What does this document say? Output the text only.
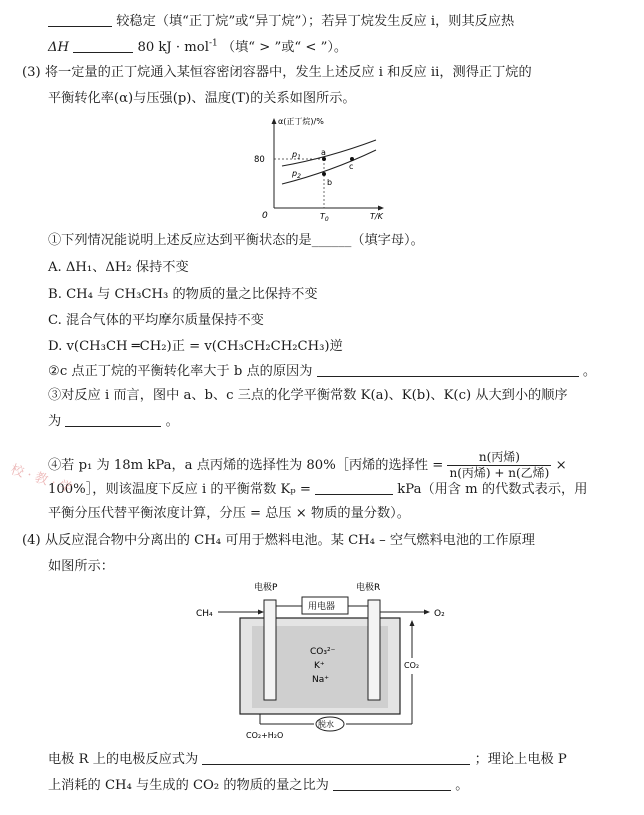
较稳定（填“正丁烷”或“异丁烷”）；若异丁烷发生反应 ⅰ，则其反应热
ΔH	80 kJ · mol$^{-1}$ （填“ > ”或“ < ”）。
(3) 将一定量的正丁烷通入某恒容密闭容器中，发生上述反应 ⅰ 和反应 ⅱ，测得正丁烷的
平衡转化率(α)与压强(p)、温度(T)的关系如图所示。
α(正丁烷)/%
80
0	T/K
$T_0$
$p_1$
$p_2$
a
b
c
①下列情况能说明上述反应达到平衡状态的是______（填字母）。
A. ΔH₁、ΔH₂ 保持不变
B. CH₄ 与 CH₃CH₃ 的物质的量之比保持不变
C. 混合气体的平均摩尔质量保持不变
D. v(CH₃CH ═CH₂)正 = v(CH₃CH₂CH₂CH₃)逆
②c 点正丁烷的平衡转化率大于 b 点的原因为	。
③对反应 ⅰ 而言，图中 a、b、c 三点的化学平衡常数 K(a)、K(b)、K(c) 从大到小的顺序
为	。
④若 p₁ 为 18m kPa，a 点丙烯的选择性为 80%［丙烯的选择性 = $\frac{\text{n(丙烯)}}{\text{n(丙烯) + n(乙烯)}}$ ×
100%］，则该温度下反应 ⅰ 的平衡常数 Kₚ =	kPa（用含 m 的代数式表示，用
平衡分压代替平衡浓度计算，分压 = 总压 × 物质的量分数）。
(4) 从反应混合物中分离出的 CH₄ 可用于燃料电池。某 CH₄ – 空气燃料电池的工作原理
如图所示：
校 · 教 · 学
电极P	电极R
用电器
CH₄	O₂
CO₂
CO₃²⁻
K⁺
Na⁺
脱水
CO₂+H₂O
电极 R 上的电极反应式为	；理论上电极 P
上消耗的 CH₄ 与生成的 CO₂ 的物质的量之比为	。
